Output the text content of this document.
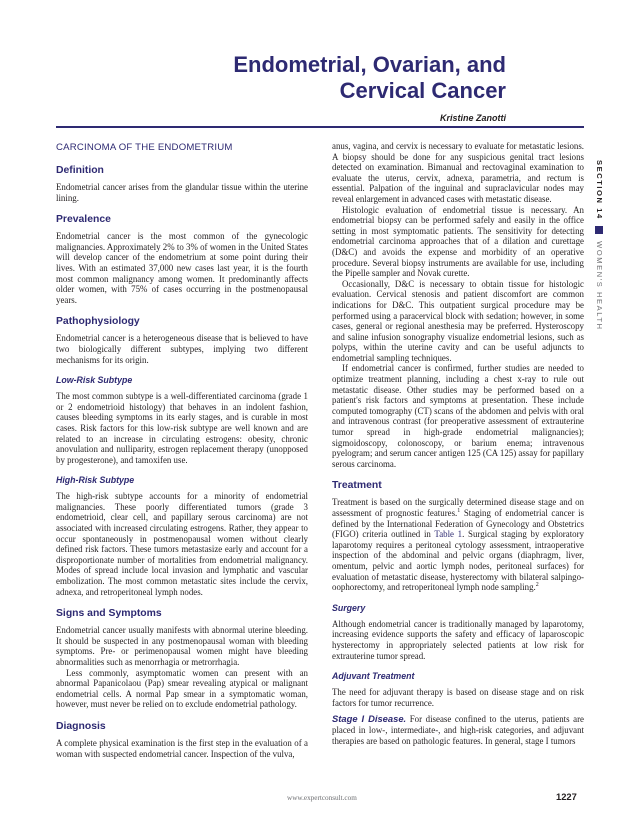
Endometrial, Ovarian, and
Cervical Cancer
Kristine Zanotti
SECTION 14  WOMEN'S HEALTH
CARCINOMA OF THE ENDOMETRIUM
Definition

Endometrial cancer arises from the glandular tissue within the uterine lining.

Prevalence

Endometrial cancer is the most common of the gynecologic malignancies. Approximately 2% to 3% of women in the United States will develop cancer of the endometrium at some point during their lives. With an estimated 37,000 new cases last year, it is the fourth most common malignancy among women. It predominantly affects older women, with 75% of cases occurring in the postmenopausal years.

Pathophysiology

Endometrial cancer is a heterogeneous disease that is believed to have two biologically different subtypes, implying two different mechanisms for its origin.

Low-Risk Subtype

The most common subtype is a well-differentiated carcinoma (grade 1 or 2 endometrioid histology) that behaves in an indolent fashion, causes bleeding symptoms in its early stages, and is curable in most cases. Risk factors for this low-risk subtype are well known and are related to an increase in circulating estrogens: obesity, chronic anovulation and nulliparity, estrogen replacement therapy (unopposed by progesterone), and tamoxifen use.

High-Risk Subtype

The high-risk subtype accounts for a minority of endometrial malignancies. These poorly differentiated tumors (grade 3 endometrioid, clear cell, and papillary serous carcinoma) are not associated with increased circulating estrogens. Rather, they appear to occur spontaneously in postmenopausal women without clearly defined risk factors. These tumors metastasize early and account for a disproportionate number of mortalities from endometrial malignancy. Modes of spread include local invasion and lymphatic and vascular embolization. The most common metastatic sites include the cervix, adnexa, and retroperitoneal lymph nodes.

Signs and Symptoms

Endometrial cancer usually manifests with abnormal uterine bleeding. It should be suspected in any postmenopausal woman with bleeding symptoms. Pre- or perimenopausal women might have bleeding abnormalities such as menorrhagia or metrorrhagia.

Less commonly, asymptomatic women can present with an abnormal Papanicolaou (Pap) smear revealing atypical or malignant endometrial cells. A normal Pap smear in a symptomatic woman, however, must never be relied on to exclude endometrial pathology.

Diagnosis

A complete physical examination is the first step in the evaluation of a woman with suspected endometrial cancer. Inspection of the vulva,

anus, vagina, and cervix is necessary to evaluate for metastatic lesions. A biopsy should be done for any suspicious genital tract lesions detected on examination. Bimanual and rectovaginal examination to evaluate the uterus, cervix, adnexa, parametria, and rectum is essential. Palpation of the inguinal and supraclavicular nodes may reveal enlargement in advanced cases with metastatic disease.

Histologic evaluation of endometrial tissue is necessary. An endometrial biopsy can be performed safely and easily in the office setting in most symptomatic patients. The sensitivity for detecting endometrial carcinoma approaches that of a dilation and curettage (D&C) and avoids the expense and morbidity of an operative procedure. Several biopsy instruments are available for use, including the Pipelle sampler and Novak curette.

Occasionally, D&C is necessary to obtain tissue for histologic evaluation. Cervical stenosis and patient discomfort are common indications for D&C. This outpatient surgical procedure may be performed using a paracervical block with sedation; however, in some cases, general or regional anesthesia may be preferred. Hysteroscopy and saline infusion sonography visualize endometrial lesions, such as polyps, within the uterine cavity and can be useful adjuncts to endometrial sampling techniques.

If endometrial cancer is confirmed, further studies are needed to optimize treatment planning, including a chest x-ray to rule out metastatic disease. Other studies may be performed based on a patient's risk factors and symptoms at presentation. These include computed tomography (CT) scans of the abdomen and pelvis with oral and intravenous contrast (for preoperative assessment of extrauterine tumor spread in high-grade endometrial malignancies); sigmoidoscopy, colonoscopy, or barium enema; intravenous pyelogram; and serum cancer antigen 125 (CA 125) assay for papillary serous carcinoma.

Treatment

Treatment is based on the surgically determined disease stage and on assessment of prognostic features.$^1$ Staging of endometrial cancer is defined by the International Federation of Gynecology and Obstetrics (FIGO) criteria outlined in Table 1. Surgical staging by exploratory laparotomy requires a peritoneal cytology assessment, intraoperative inspection of the abdominal and pelvic organs (diaphragm, liver, omentum, pelvic and aortic lymph nodes, peritoneal surfaces) for evaluation of metastatic disease, hysterectomy with bilateral salpingo-oophorectomy, and retroperitoneal lymph node sampling.$^2$

Surgery

Although endometrial cancer is traditionally managed by laparotomy, increasing evidence supports the safety and efficacy of laparoscopic hysterectomy in appropriately selected patients at low risk for extrauterine tumor spread.

Adjuvant Treatment

The need for adjuvant therapy is based on disease stage and on risk factors for tumor recurrence.

Stage I Disease. For disease confined to the uterus, patients are placed in low-, intermediate-, and high-risk categories, and adjuvant therapies are based on pathologic features. In general, stage I tumors

www.expertconsult.com	1227
